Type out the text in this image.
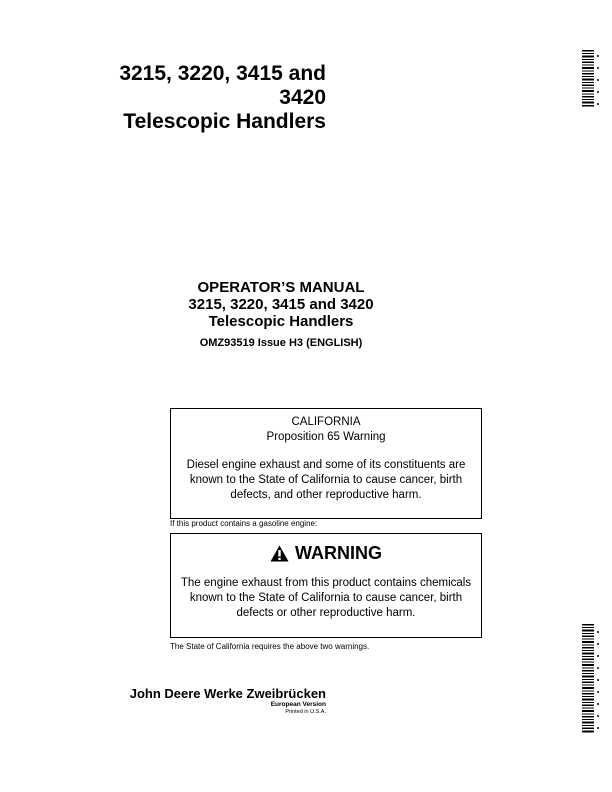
3215, 3220, 3415 and
3420
Telescopic Handlers
OPERATOR’S MANUAL
3215, 3220, 3415 and 3420
Telescopic Handlers
OMZ93519 Issue H3 (ENGLISH)
CALIFORNIA
Proposition 65 Warning
Diesel engine exhaust and some of its constituents are
known to the State of California to cause cancer, birth
defects, and other reproductive harm.
If this product contains a gasoline engine:
WARNING
The engine exhaust from this product contains chemicals
known to the State of California to cause cancer, birth
defects or other reproductive harm.
The State of California requires the above two warnings.
John Deere Werke Zweibrücken
European Version
Printed in U.S.A.
